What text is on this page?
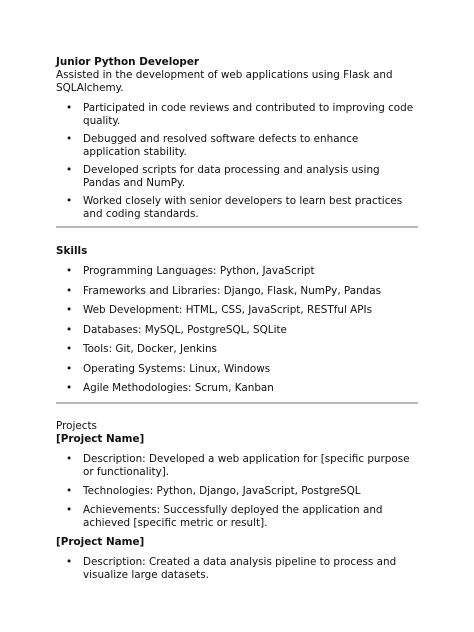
Junior Python Developer

Assisted in the development of web applications using Flask and SQLAlchemy.

• Participated in code reviews and contributed to improving code quality.
• Debugged and resolved software defects to enhance application stability.
• Developed scripts for data processing and analysis using Pandas and NumPy.
• Worked closely with senior developers to learn best practices and coding standards.
Skills
• Programming Languages: Python, JavaScript
• Frameworks and Libraries: Django, Flask, NumPy, Pandas
• Web Development: HTML, CSS, JavaScript, RESTful APIs
• Databases: MySQL, PostgreSQL, SQLite
• Tools: Git, Docker, Jenkins
• Operating Systems: Linux, Windows
• Agile Methodologies: Scrum, Kanban
Projects
[Project Name]
• Description: Developed a web application for [specific purpose or functionality].
• Technologies: Python, Django, JavaScript, PostgreSQL
• Achievements: Successfully deployed the application and achieved [specific metric or result].
[Project Name]
• Description: Created a data analysis pipeline to process and visualize large datasets.
